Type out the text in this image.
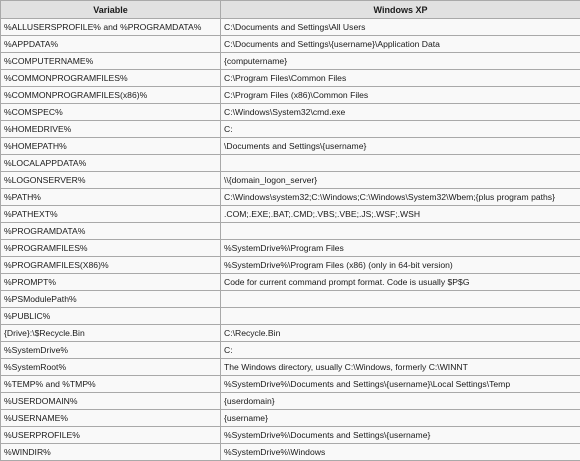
Variable	Windows XP
%ALLUSERSPROFILE% and %PROGRAMDATA%	C:\Documents and Settings\All Users
%APPDATA%	C:\Documents and Settings\{username}\Application Data
%COMPUTERNAME%	{computername}
%COMMONPROGRAMFILES%	C:\Program Files\Common Files
%COMMONPROGRAMFILES(x86)%	C:\Program Files (x86)\Common Files
%COMSPEC%	C:\Windows\System32\cmd.exe
%HOMEDRIVE%	C:
%HOMEPATH%	\Documents and Settings\{username}
%LOCALAPPDATA%	
%LOGONSERVER%	\\{domain_logon_server}
%PATH%	C:\Windows\system32;C:\Windows;C:\Windows\System32\Wbem;{plus program paths}
%PATHEXT%	.COM;.EXE;.BAT;.CMD;.VBS;.VBE;.JS;.WSF;.WSH
%PROGRAMDATA%	
%PROGRAMFILES%	%SystemDrive%\Program Files
%PROGRAMFILES(X86)%	%SystemDrive%\Program Files (x86) (only in 64-bit version)
%PROMPT%	Code for current command prompt format. Code is usually $P$G
%PSModulePath%	
%PUBLIC%	
{Drive}:\$Recycle.Bin	C:\Recycle.Bin
%SystemDrive%	C:
%SystemRoot%	The Windows directory, usually C:\Windows, formerly C:\WINNT
%TEMP% and %TMP%	%SystemDrive%\Documents and Settings\{username}\Local Settings\Temp
%USERDOMAIN%	{userdomain}
%USERNAME%	{username}
%USERPROFILE%	%SystemDrive%\Documents and Settings\{username}
%WINDIR%	%SystemDrive%\Windows
